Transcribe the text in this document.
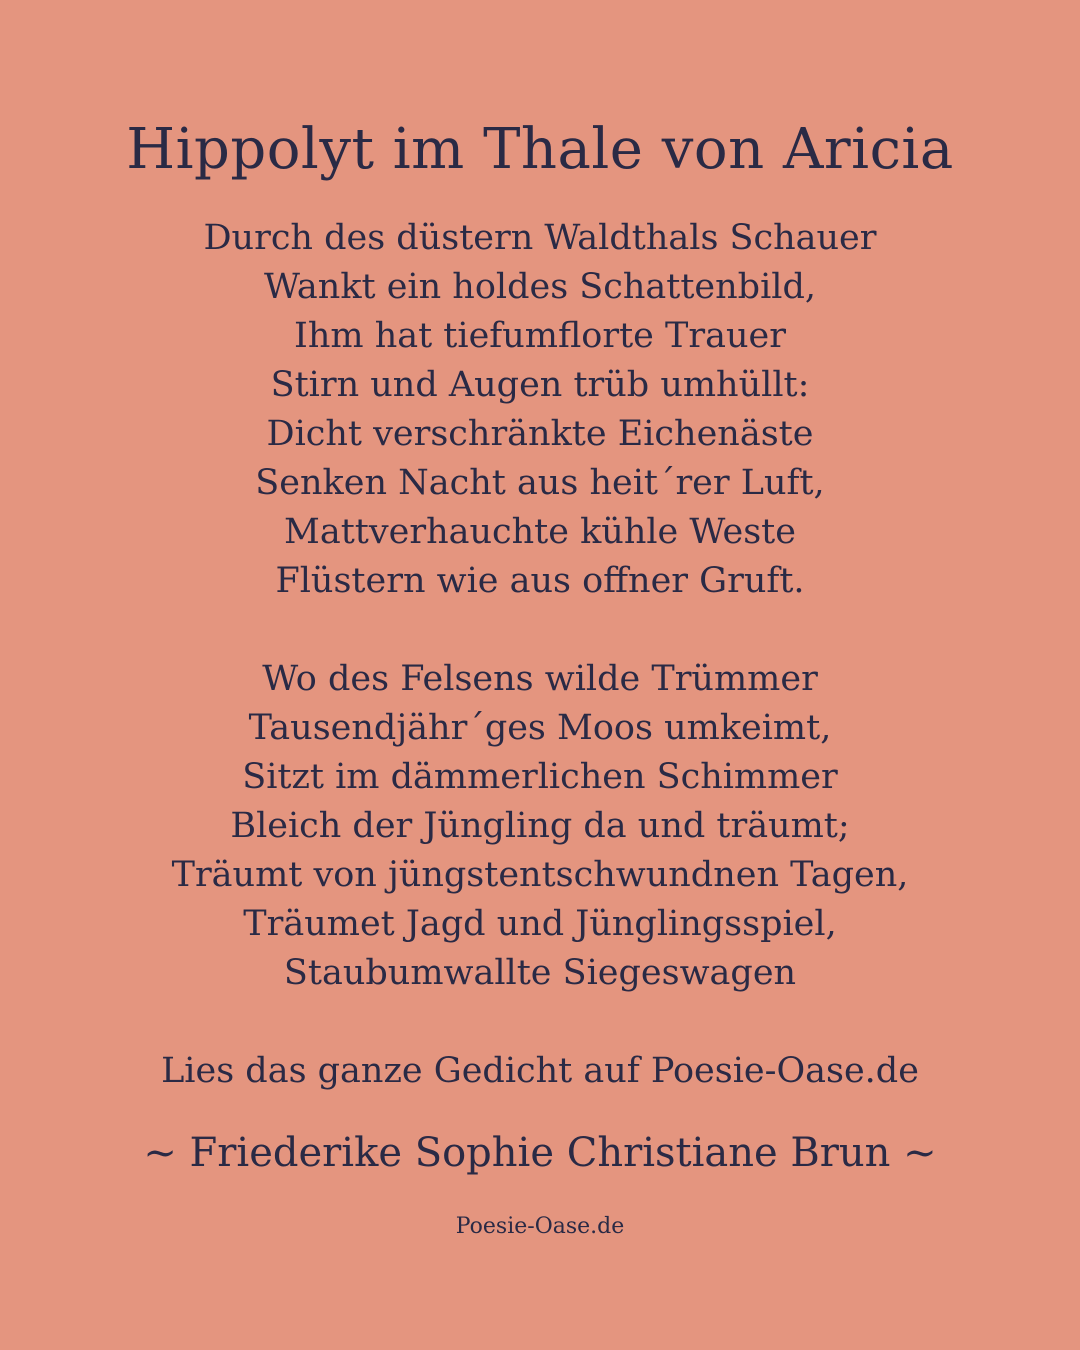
Hippolyt im Thale von Aricia
Durch des düstern Waldthals Schauer
Wankt ein holdes Schattenbild,
Ihm hat tiefumflorte Trauer
Stirn und Augen trüb umhüllt:
Dicht verschränkte Eichenäste
Senken Nacht aus heit´rer Luft,
Mattverhauchte kühle Weste
Flüstern wie aus offner Gruft.
Wo des Felsens wilde Trümmer
Tausendjähr´ges Moos umkeimt,
Sitzt im dämmerlichen Schimmer
Bleich der Jüngling da und träumt;
Träumt von jüngstentschwundnen Tagen,
Träumet Jagd und Jünglingsspiel,
Staubumwallte Siegeswagen

Lies das ganze Gedicht auf Poesie-Oase.de

~ Friederike Sophie Christiane Brun ~

Poesie-Oase.de
